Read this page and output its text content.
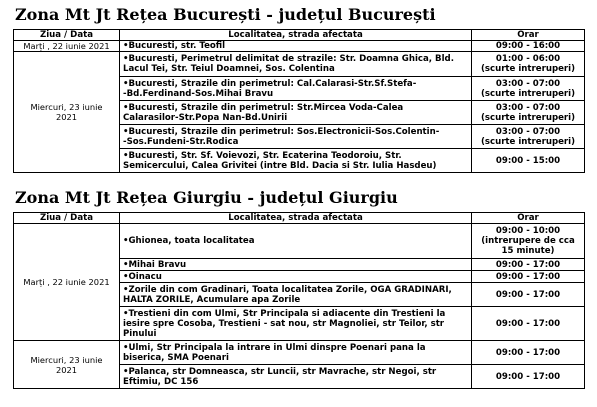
Zona Mt Jt Rețea București - județul București
Ziua / Data	Localitatea, strada afectata	Orar
Marți , 22 iunie 2021	•Bucuresti, str. Teofil	09:00 - 16:00
Miercuri, 23 iunie
2021	•Bucuresti, Perimetrul delimitat de strazile: Str. Doamna Ghica, Bld.
Lacul Tei, Str. Teiul Doamnei, Sos. Colentina	01:00 - 06:00
(scurte intreruperi)
	•Bucuresti, Strazile din perimetrul: Cal.Calarasi-Str.Sf.Stefa-
-Bd.Ferdinand-Sos.Mihai Bravu	03:00 - 07:00
(scurte intreruperi)
	•Bucuresti, Strazile din perimetrul: Str.Mircea Voda-Calea
Calarasilor-Str.Popa Nan-Bd.Unirii	03:00 - 07:00
(scurte intreruperi)
	•Bucuresti, Strazile din perimetrul: Sos.Electronicii-Sos.Colentin-
-Sos.Fundeni-Str.Rodica	03:00 - 07:00
(scurte intreruperi)
	•Bucuresti, Str. Sf. Voievozi, Str. Ecaterina Teodoroiu, Str.
Semicercului, Calea Grivitei (intre Bld. Dacia si Str. Iulia Hasdeu)	09:00 - 15:00
Zona Mt Jt Rețea Giurgiu - județul Giurgiu
Ziua / Data	Localitatea, strada afectata	Orar
Marți , 22 iunie 2021	•Ghionea, toata localitatea	09:00 - 10:00
(intrerupere de cca
15 minute)
	•Mihai Bravu	09:00 - 17:00
	•Oinacu	09:00 - 17:00
	•Zorile din com Gradinari, Toata localitatea Zorile, OGA GRADINARI,
HALTA ZORILE, Acumulare apa Zorile	09:00 - 17:00
	•Trestieni din com Ulmi, Str Principala si adiacente din Trestieni la
iesire spre Cosoba, Trestieni - sat nou, str Magnoliei, str Teilor, str
Pinului	09:00 - 17:00
Miercuri, 23 iunie
2021	•Ulmi, Str Principala la intrare in Ulmi dinspre Poenari pana la
biserica, SMA Poenari	09:00 - 17:00
	•Palanca, str Domneasca, str Luncii, str Mavrache, str Negoi, str
Eftimiu, DC 156	09:00 - 17:00
